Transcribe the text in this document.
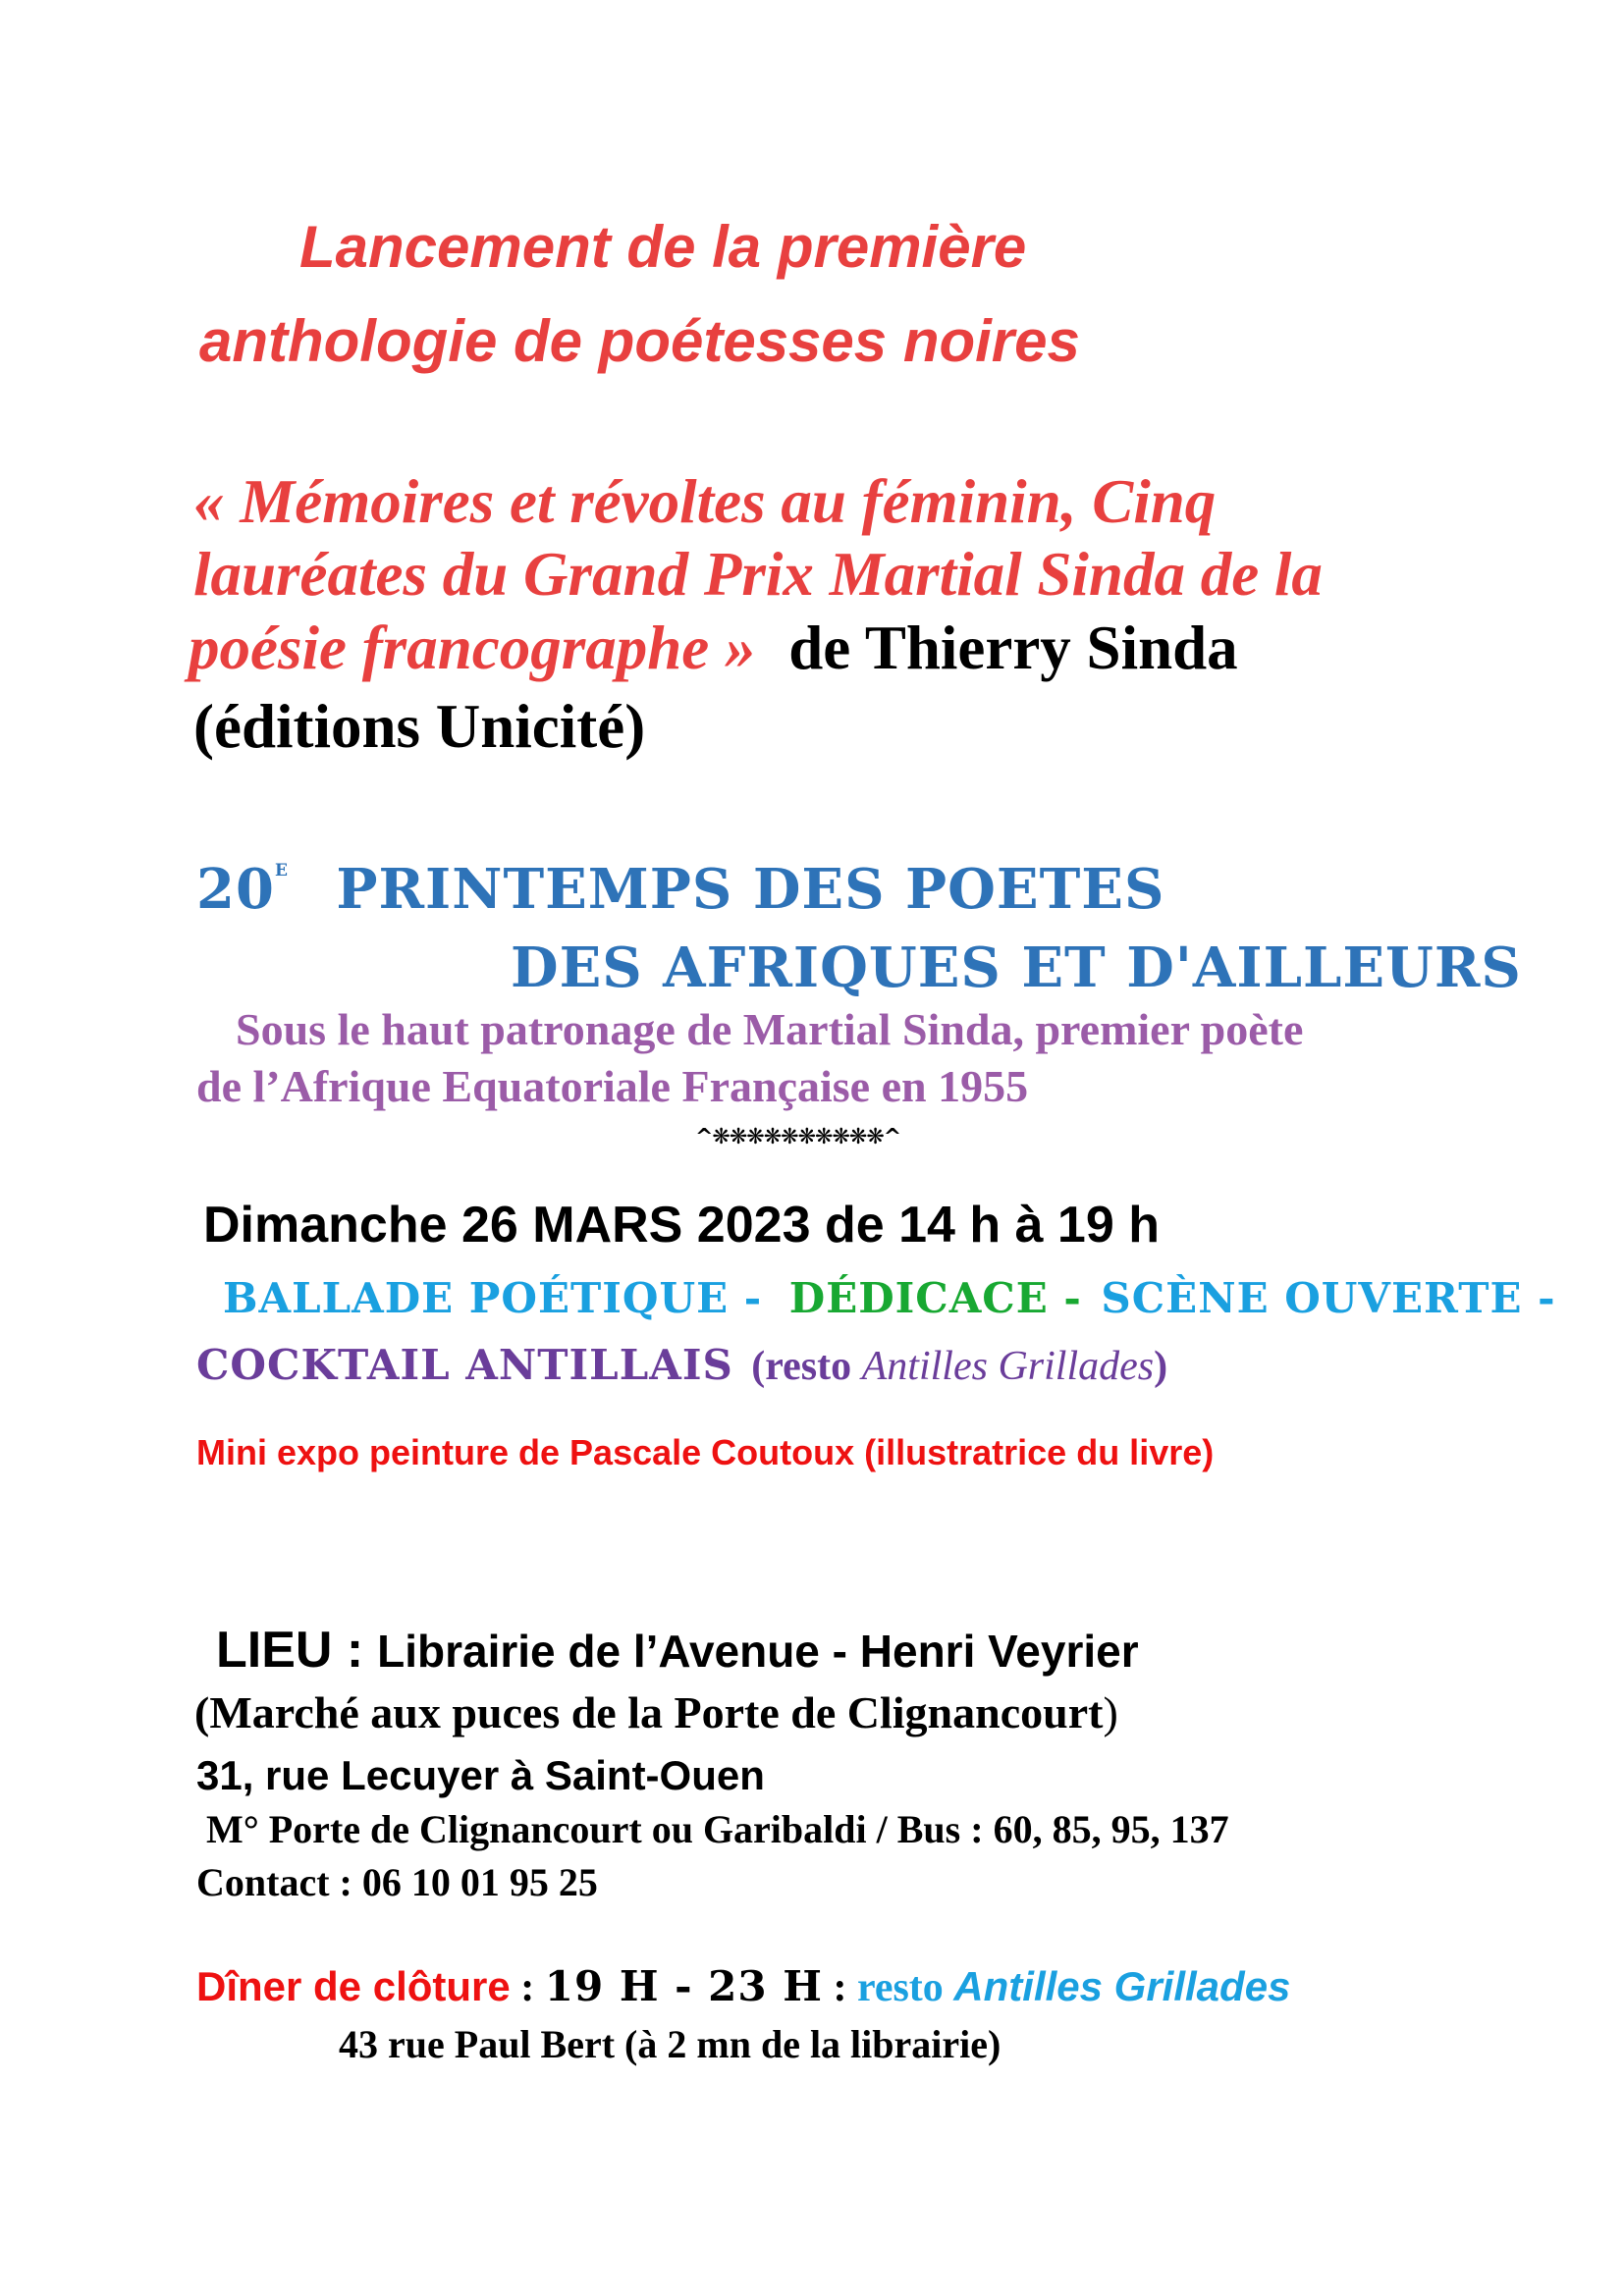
Lancement de la première
anthologie de poétesses noires
« Mémoires et révoltes au féminin, Cinq
lauréates du Grand Prix Martial Sinda de la
poésie francographe » de Thierry Sinda
(éditions Unicité)
20e PRINTEMPS DES POETES
DES AFRIQUES ET D'AILLEURS
Sous le haut patronage de Martial Sinda, premier poète
de l’Afrique Equatoriale Française en 1955
^❋❋❋❋❋❋❋❋❋❋^
Dimanche 26 MARS 2023 de 14 h à 19 h
BALLADE POÉTIQUE - DÉDICACE - SCÈNE OUVERTE -
COCKTAIL ANTILLAIS (resto Antilles Grillades)
Mini expo peinture de Pascale Coutoux (illustratrice du livre)
LIEU : Librairie de l’Avenue - Henri Veyrier
(Marché aux puces de la Porte de Clignancourt)
31, rue Lecuyer à Saint-Ouen
M° Porte de Clignancourt ou Garibaldi / Bus : 60, 85, 95, 137
Contact : 06 10 01 95 25
Dîner de clôture : 19 H - 23 H : resto Antilles Grillades
43 rue Paul Bert (à 2 mn de la librairie)
